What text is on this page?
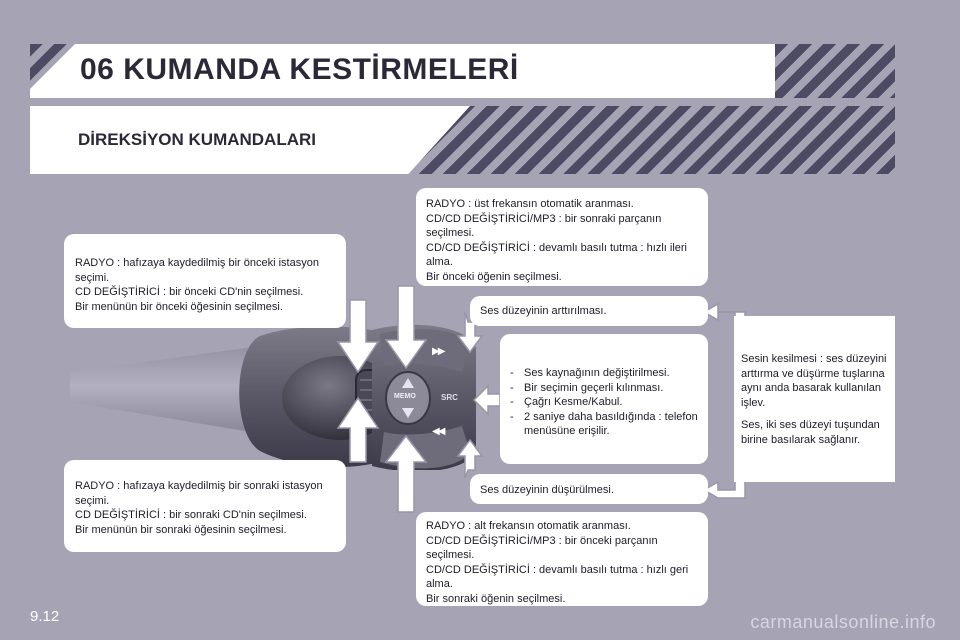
06 KUMANDA KESTİRMELERİ
DİREKSİYON KUMANDALARI
MEMO	SRC
▶▶
◀◀

RADYO : hafızaya kaydedilmiş bir önceki istasyon seçimi.

CD DEĞİŞTİRİCİ : bir önceki CD'nin seçilmesi.

Bir menünün bir önceki öğesinin seçilmesi.

RADYO : hafızaya kaydedilmiş bir sonraki istasyon seçimi.

CD DEĞİŞTİRİCİ : bir sonraki CD'nin seçilmesi.

Bir menünün bir sonraki öğesinin seçilmesi.

RADYO : üst frekansın otomatik aranması.

CD/CD DEĞİŞTİRİCİ/MP3 : bir sonraki parçanın seçilmesi.

CD/CD DEĞİŞTİRİCİ : devamlı basılı tutma : hızlı ileri alma.

Bir önceki öğenin seçilmesi.

RADYO : alt frekansın otomatik aranması.

CD/CD DEĞİŞTİRİCİ/MP3 : bir önceki parçanın seçilmesi.

CD/CD DEĞİŞTİRİCİ : devamlı basılı tutma : hızlı geri alma.

Bir sonraki öğenin seçilmesi.

Ses düzeyinin arttırılması.

Ses düzeyinin düşürülmesi.

- Ses kaynağının değiştirilmesi.
- Bir seçimin geçerli kılınması.
- Çağrı Kesme/Kabul.
- 2 saniye daha basıldığında : telefon menüsüne erişilir.

Sesin kesilmesi : ses düzeyini arttırma ve düşürme tuşlarına aynı anda basarak kullanılan işlev.

Ses, iki ses düzeyi tuşundan birine basılarak sağlanır.

9.12	carmanualsonline.info
